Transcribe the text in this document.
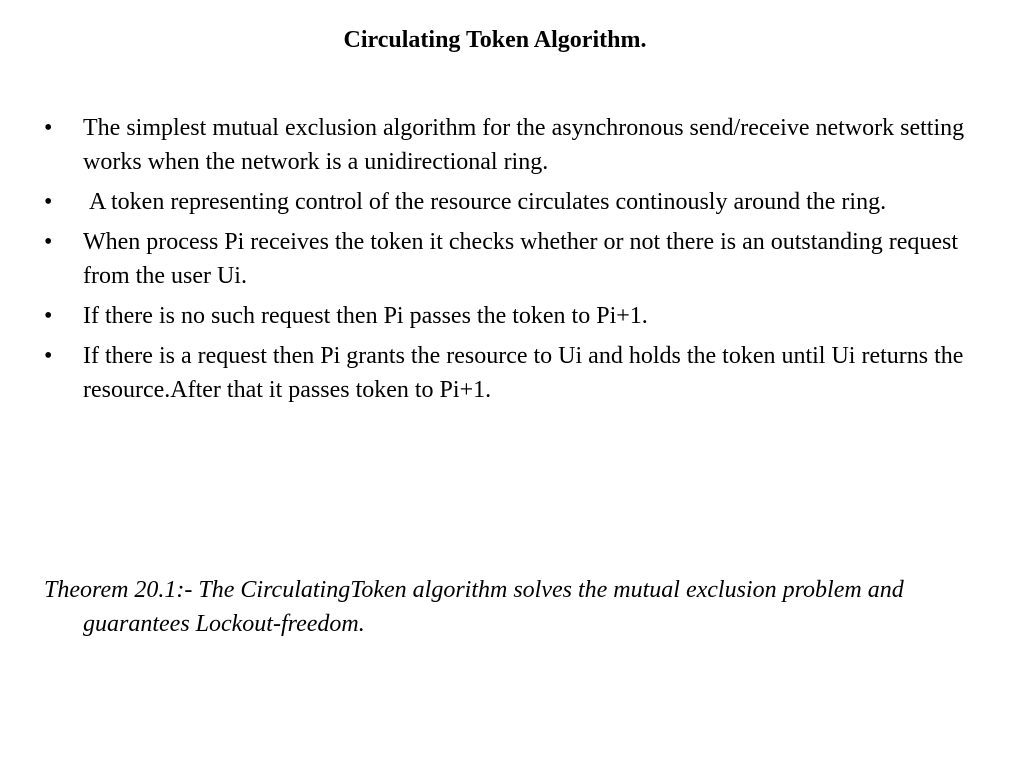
Circulating Token Algorithm.
•	The simplest mutual exclusion algorithm for the asynchronous send/receive network setting works when the network is a unidirectional ring.
•	A token representing control of the resource circulates continously around the ring.
•	When process Pi receives the token it checks whether or not there is an outstanding request from the user Ui.
•	If there is no such request then Pi passes the token to Pi+1.
•	If there is a request then Pi grants the resource to Ui and holds the token until Ui returns the resource.After that it passes token to Pi+1.

Theorem 20.1:- The CirculatingToken algorithm solves the mutual exclusion problem and guarantees Lockout-freedom.
